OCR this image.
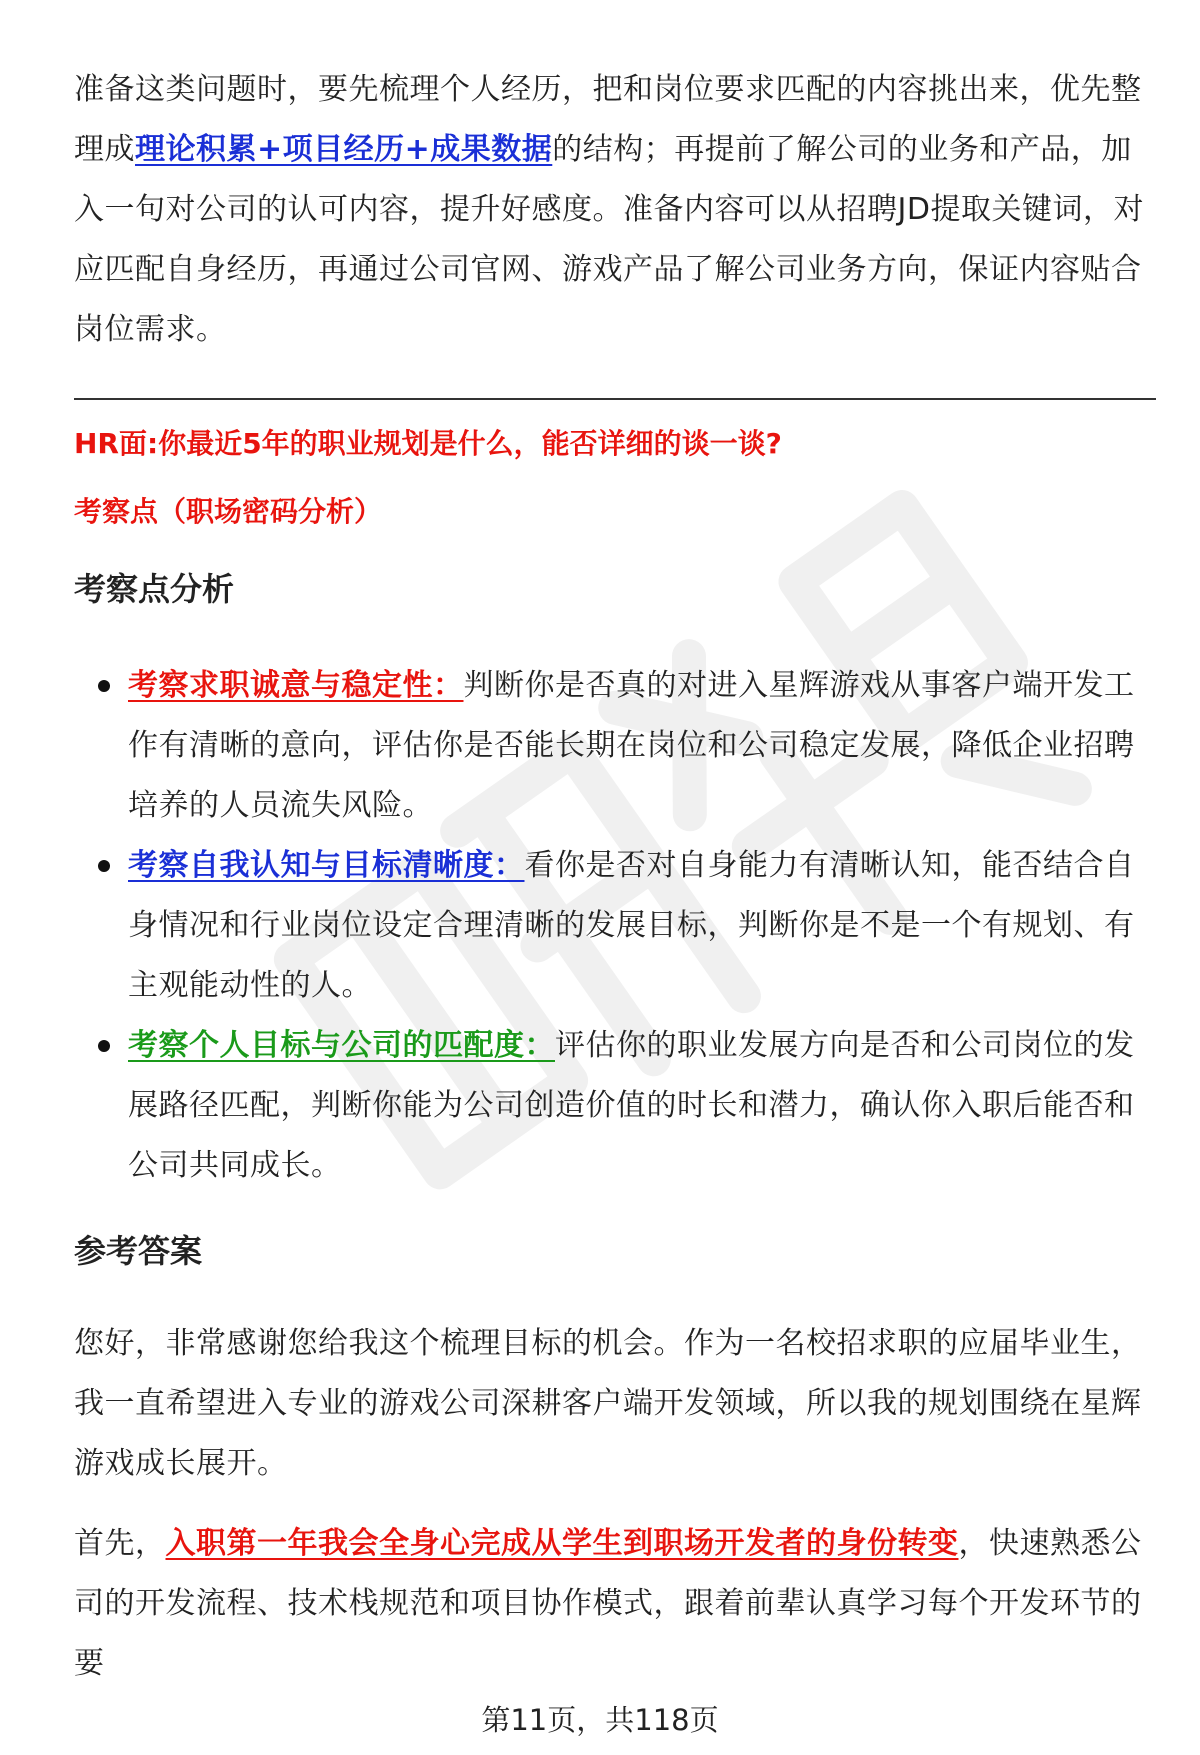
准备这类问题时，要先梳理个人经历，把和岗位要求匹配的内容挑出来，优先整理成理论积累+项目经历+成果数据的结构；再提前了解公司的业务和产品，加入一句对公司的认可内容，提升好感度。准备内容可以从招聘JD提取关键词，对应匹配自身经历，再通过公司官网、游戏产品了解公司业务方向，保证内容贴合岗位需求。

HR面:你最近5年的职业规划是什么，能否详细的谈一谈?

考察点（职场密码分析）

考察点分析
考察求职诚意与稳定性：判断你是否真的对进入星辉游戏从事客户端开发工作有清晰的意向，评估你是否能长期在岗位和公司稳定发展，降低企业招聘培养的人员流失风险。
考察自我认知与目标清晰度：看你是否对自身能力有清晰认知，能否结合自身情况和行业岗位设定合理清晰的发展目标，判断你是不是一个有规划、有主观能动性的人。
考察个人目标与公司的匹配度：评估你的职业发展方向是否和公司岗位的发展路径匹配，判断你能为公司创造价值的时长和潜力，确认你入职后能否和公司共同成长。
参考答案

您好，非常感谢您给我这个梳理目标的机会。作为一名校招求职的应届毕业生，我一直希望进入专业的游戏公司深耕客户端开发领域，所以我的规划围绕在星辉游戏成长展开。

首先，入职第一年我会全身心完成从学生到职场开发者的身份转变，快速熟悉公司的开发流程、技术栈规范和项目协作模式，跟着前辈认真学习每个开发环节的要

第11页，共118页
